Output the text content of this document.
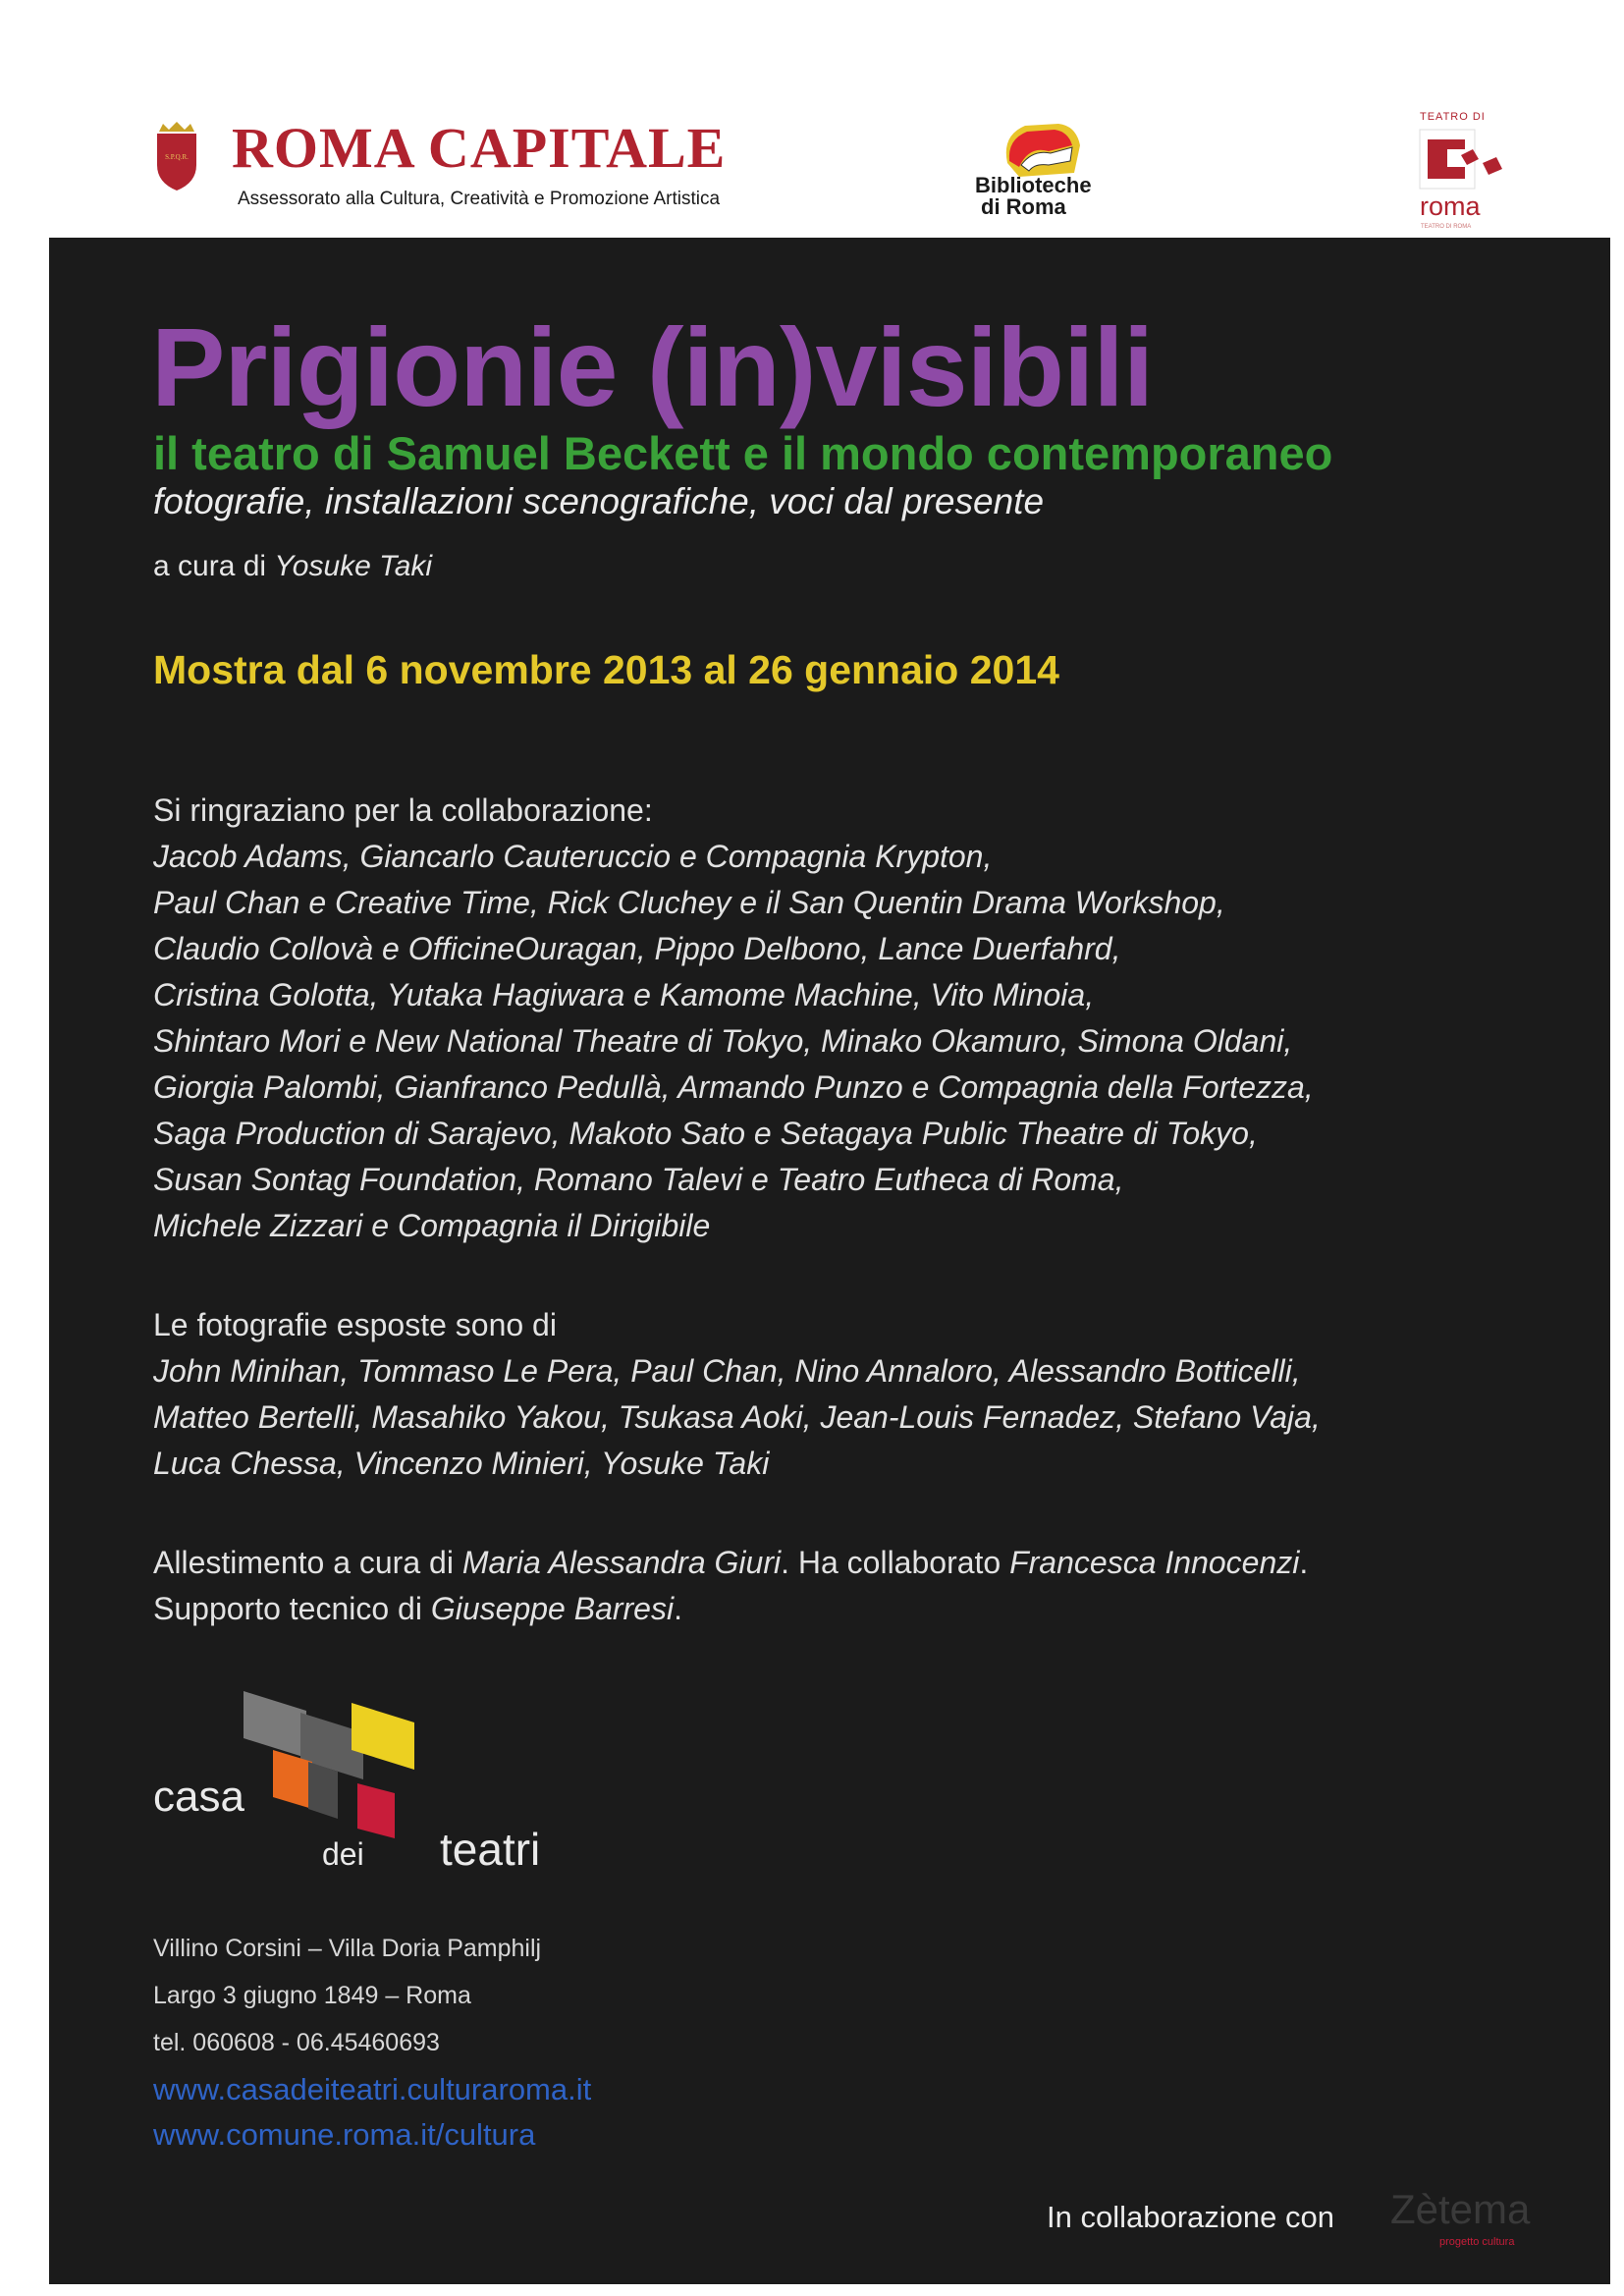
S.P.Q.R. ROMA CAPITALE
Assessorato alla Cultura, Creatività e Promozione Artistica
Biblioteche
di Roma
TEATRO DI
roma
TEATRO DI ROMA
Prigionie (in)visibili
il teatro di Samuel Beckett e il mondo contemporaneo
fotografie, installazioni scenografiche, voci dal presente
a cura di Yosuke Taki
Mostra dal 6 novembre 2013 al 26 gennaio 2014
Si ringraziano per la collaborazione:
Jacob Adams, Giancarlo Cauteruccio e Compagnia Krypton,
Paul Chan e Creative Time, Rick Cluchey e il San Quentin Drama Workshop,
Claudio Collovà e OfficineOuragan, Pippo Delbono, Lance Duerfahrd,
Cristina Golotta, Yutaka Hagiwara e Kamome Machine, Vito Minoia,
Shintaro Mori e New National Theatre di Tokyo, Minako Okamuro, Simona Oldani,
Giorgia Palombi, Gianfranco Pedullà, Armando Punzo e Compagnia della Fortezza,
Saga Production di Sarajevo, Makoto Sato e Setagaya Public Theatre di Tokyo,
Susan Sontag Foundation, Romano Talevi e Teatro Eutheca di Roma,
Michele Zizzari e Compagnia il Dirigibile
Le fotografie esposte sono di
John Minihan, Tommaso Le Pera, Paul Chan, Nino Annaloro, Alessandro Botticelli,
Matteo Bertelli, Masahiko Yakou, Tsukasa Aoki, Jean-Louis Fernadez, Stefano Vaja,
Luca Chessa, Vincenzo Minieri, Yosuke Taki
Allestimento a cura di Maria Alessandra Giuri. Ha collaborato Francesca Innocenzi.
Supporto tecnico di Giuseppe Barresi.
casa
dei teatri
Villino Corsini – Villa Doria Pamphilj
Largo 3 giugno 1849 – Roma
tel. 060608 - 06.45460693
www.casadeiteatri.culturaroma.it
www.comune.roma.it/cultura
In collaborazione con Zètema
progetto cultura
